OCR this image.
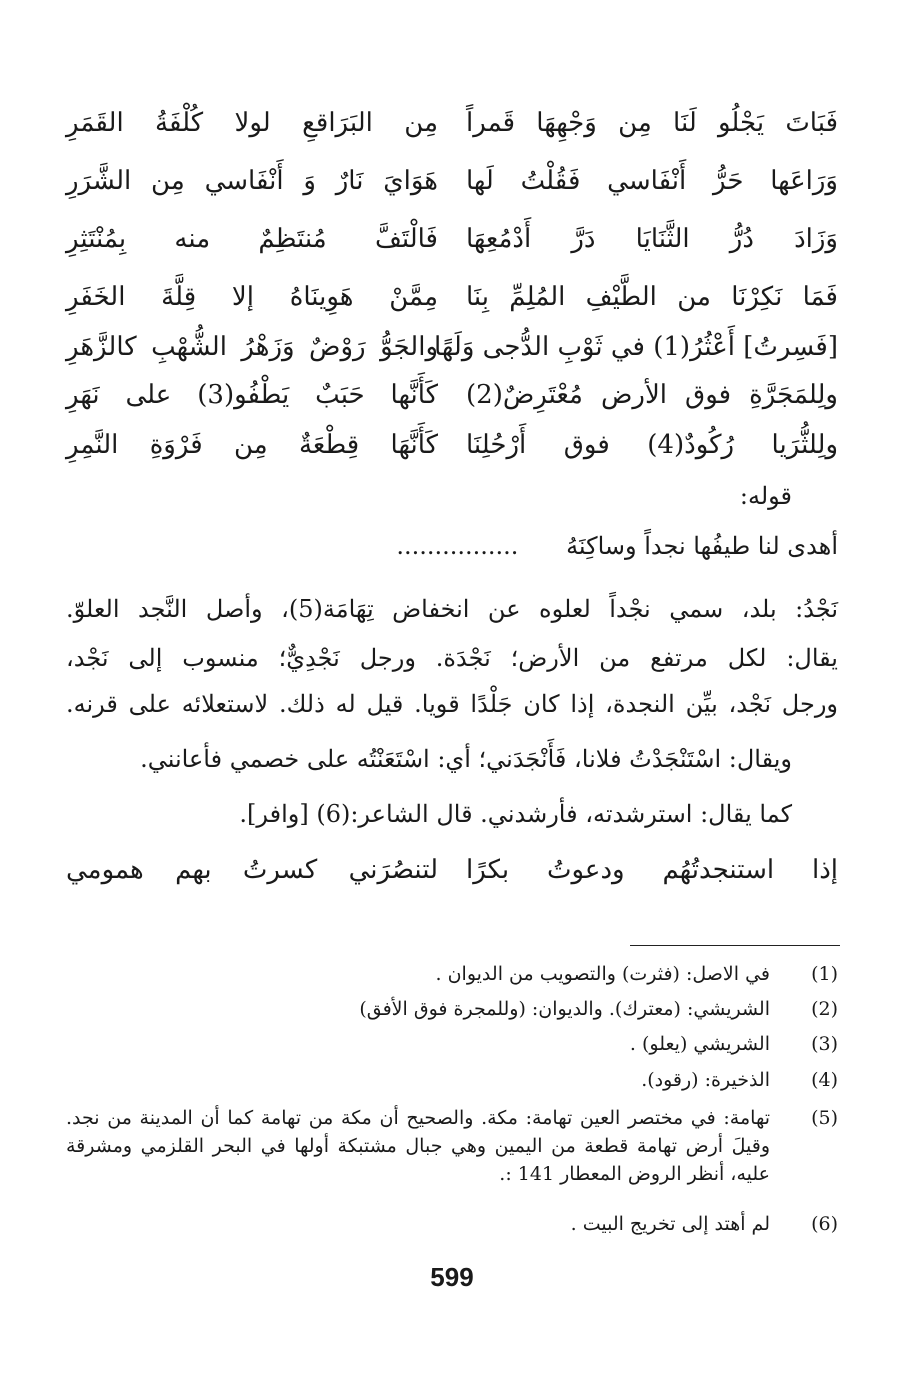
فَبَاتَ يَجْلُو لَنَا مِن وَجْهِهَا قَمراً
مِن البَرَاقعِ لولا كُلْفَةُ القَمَرِ
وَرَاعَها حَرُّ أَنْفَاسي فَقُلْتُ لَها
هَوَايَ نَارٌ وَ أَنْفَاسي مِن الشَّرَرِ
وَزَادَ دُرُّ الثَّنَايَا دَرَّ أَدْمُعِهَا
فَالْتَفَّ مُنتَظِمٌ منه بِمُنْتَثِرِ
فَمَا نَكِرْنَا من الطَّيْفِ المُلِمِّ بِنَا
مِمَّنْ هَوِينَاهُ إلا قِلَّةَ الخَفَرِ
[فَسِرتُ] أَعْثُرُ(1) في ثَوْبِ الدُّجى وَلَهًا
والجَوُّ رَوْضٌ وَزَهْرُ الشُّهْبِ كالزَّهَرِ
ولِلمَجَرَّةِ فوق الأرض مُعْتَرِضٌ(2)
كَأَنَّها حَبَبٌ يَطْفُو(3) على نَهَرِ
ولِلثُّرَيا رُكُودٌ(4) فوق أَرْحُلِنَا
كَأَنَّهَا قِطْعَةٌ مِن فَرْوَةِ النَّمِرِ
قوله:
أهدى لنا طيفُها نجداً وساكِنَهُ ................
نَجْدُ: بلد، سمي نجْداً لعلوه عن انخفاض تِهَامَة(5)، وأصل النَّجد العلوّ.
يقال: لكل مرتفع من الأرض؛ نَجْدَة. ورجل نَجْدِيٌّ؛ منسوب إلى نَجْد،
ورجل نَجْد، بيِّن النجدة، إذا كان جَلْدًا قويا. قيل له ذلك. لاستعلائه على قرنه.
ويقال: اسْتَنْجَدْتُ فلانا، فَأَنْجَدَني؛ أي: اسْتَعَنْتُه على خصمي فأعانني.
كما يقال: استرشدته، فأرشدني. قال الشاعر:(6) [وافر].
إذا استنجدتُهُم ودعوتُ بكرًا
لتنصُرَني كسرتُ بهم همومي
(1)
في الاصل: (فثرت) والتصويب من الديوان .
(2)
الشريشي: (معترك). والديوان: (وللمجرة فوق الأفق)
(3)
الشريشي (يعلو) .
(4)
الذخيرة: (رقود).
(5)
تهامة: في مختصر العين تهامة: مكة. والصحيح أن مكة من تهامة كما أن المدينة من نجد. وقيلَ أرض تهامة قطعة من اليمين وهي جبال مشتبكة أولها في البحر القلزمي ومشرقة عليه، أنظر الروض المعطار 141 :.
(6)
لم أهتد إلى تخريج البيت .
599
